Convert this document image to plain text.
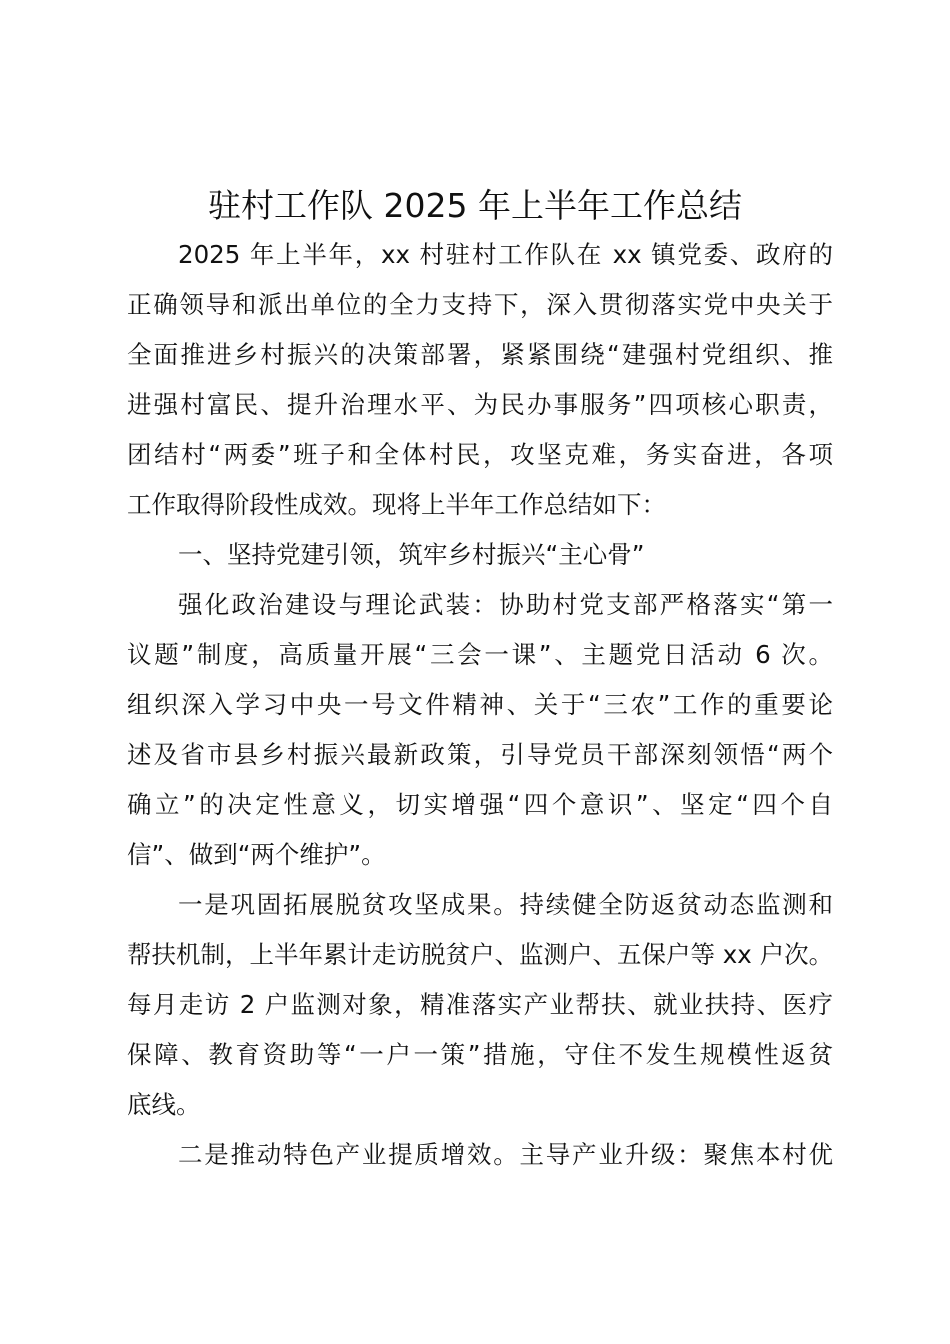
驻村工作队 2025 年上半年工作总结
2025 年上半年，xx 村驻村工作队在 xx 镇党委、政府的
正确领导和派出单位的全力支持下，深入贯彻落实党中央关于
全面推进乡村振兴的决策部署，紧紧围绕“建强村党组织、推
进强村富民、提升治理水平、为民办事服务”四项核心职责，
团结村“两委”班子和全体村民，攻坚克难，务实奋进，各项
工作取得阶段性成效。现将上半年工作总结如下：
一、坚持党建引领，筑牢乡村振兴“主心骨”
强化政治建设与理论武装：协助村党支部严格落实“第一
议题”制度，高质量开展“三会一课”、主题党日活动 6 次。
组织深入学习中央一号文件精神、关于“三农”工作的重要论
述及省市县乡村振兴最新政策，引导党员干部深刻领悟“两个
确立”的决定性意义，切实增强“四个意识”、坚定“四个自
信”、做到“两个维护”。
一是巩固拓展脱贫攻坚成果。持续健全防返贫动态监测和
帮扶机制，上半年累计走访脱贫户、监测户、五保户等 xx 户次。
每月走访 2 户监测对象，精准落实产业帮扶、就业扶持、医疗
保障、教育资助等“一户一策”措施，守住不发生规模性返贫
底线。
二是推动特色产业提质增效。主导产业升级：聚焦本村优
